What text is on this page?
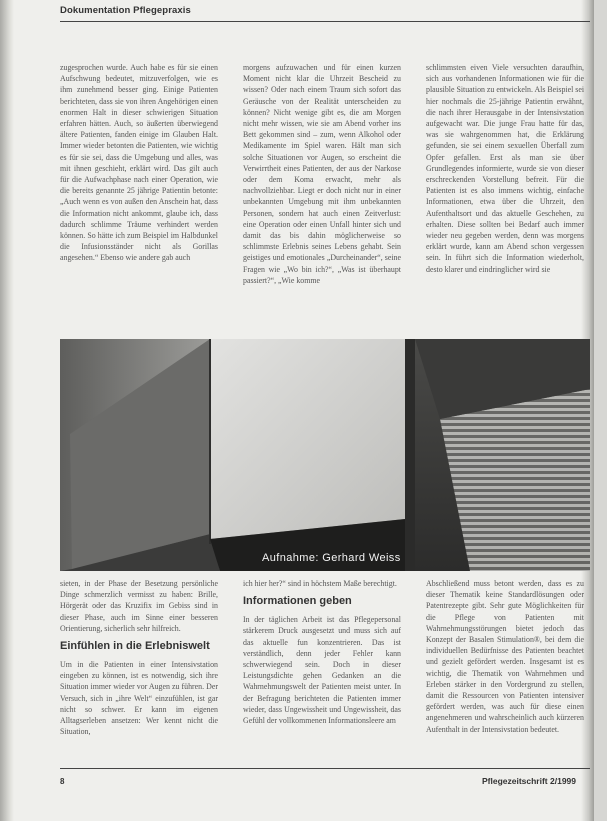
Dokumentation Pflegepraxis

zugesprochen wurde. Auch habe es für sie einen Aufschwung bedeutet, mitzuverfolgen, wie es ihm zunehmend besser ging. Einige Patienten berichteten, dass sie von ihren Angehörigen einen enormen Halt in dieser schwierigen Situation erfahren hätten. Auch, so äußerten überwiegend ältere Patienten, fanden einige im Glauben Halt. Immer wieder betonten die Patienten, wie wichtig es für sie sei, dass die Umgebung und alles, was mit ihnen geschieht, erklärt wird. Das gilt auch für die Aufwachphase nach einer Operation, wie die bereits genannte 25 jährige Patientin betonte: „Auch wenn es von außen den Anschein hat, dass die Information nicht ankommt, glaube ich, dass dadurch schlimme Träume verhindert werden können. So hätte ich zum Beispiel im Halbdunkel die Infusionsständer nicht als Gorillas angesehen.“ Ebenso wie andere gab auch

morgens aufzuwachen und für einen kurzen Moment nicht klar die Uhrzeit Bescheid zu wissen? Oder nach einem Traum sich sofort das Geräusche von der Realität unterscheiden zu können? Nicht wenige gibt es, die am Morgen nicht mehr wissen, wie sie am Abend vorher ins Bett gekommen sind – zum, wenn Alkohol oder Medikamente im Spiel waren. Hält man sich solche Situationen vor Augen, so erscheint die Verwirrtheit eines Patienten, der aus der Narkose oder dem Koma erwacht, mehr als nachvollziehbar. Liegt er doch nicht nur in einer unbekannten Umgebung mit ihm unbekannten Personen, sondern hat auch einen Zeitverlust: eine Operation oder einen Unfall hinter sich und damit das bis dahin möglicherweise so schlimmste Erlebnis seines Lebens gehabt. Sein geistiges und emotionales „Durcheinander“, seine Fragen wie „Wo bin ich?“, „Was ist überhaupt passiert?“, „Wie komme

schlimmsten eiven Viele versuchten daraufhin, sich aus vorhandenen Informationen wie für die plausible Situation zu entwickeln. Als Beispiel sei hier nochmals die 25-jährige Patientin erwähnt, die nach ihrer Herausgabe in der Intensivstation aufgewacht war. Die junge Frau hatte für das, was sie wahrgenommen hat, die Erklärung gefunden, sie sei einem sexuellen Überfall zum Opfer gefallen. Erst als man sie über Grundlegendes informierte, wurde sie von dieser erschreckenden Vorstellung befreit. Für die Patienten ist es also immens wichtig, einfache Informationen, etwa über die Uhrzeit, den Aufenthaltsort und das aktuelle Geschehen, zu erhalten. Diese sollten bei Bedarf auch immer wieder neu gegeben werden, denn was morgens erklärt wurde, kann am Abend schon vergessen sein. In führt sich die Information wiederholt, desto klarer und eindringlicher wird sie

Aufnahme: Gerhard Weiss

sieten, in der Phase der Besetzung persönliche Dinge schmerzlich vermisst zu haben: Brille, Hörgerät oder das Kruzifix im Gebiss sind in dieser Phase, auch im Sinne einer besseren Orientierung, sicherlich sehr hilfreich.

Einfühlen in die Erlebniswelt

Um in die Patienten in einer Intensivstation eingeben zu können, ist es notwendig, sich ihre Situation immer wieder vor Augen zu führen. Der Versuch, sich in „ihre Welt“ einzufühlen, ist gar nicht so schwer. Er kann im eigenen Alltagserleben ansetzen: Wer kennt nicht die Situation,

ich hier her?“ sind in höchstem Maße berechtigt.

Informationen geben

In der täglichen Arbeit ist das Pflegepersonal stärkerem Druck ausgesetzt und muss sich auf das aktuelle fun konzentrieren. Das ist verständlich, denn jeder Fehler kann schwerwiegend sein. Doch in dieser Leistungsdichte gehen Gedanken an die Wahrnehmungswelt der Patienten meist unter. In der Befragung berichteten die Patienten immer wieder, dass Ungewissheit und Ungewissheit, das Gefühl der vollkommenen Informationsleere am

Abschließend muss betont werden, dass es zu dieser Thematik keine Standardlösungen oder Patentrezepte gibt. Sehr gute Möglichkeiten für die Pflege von Patienten mit Wahrnehmungsstörungen bietet jedoch das Konzept der Basalen Stimulation®, bei dem die individuellen Bedürfnisse des Patienten beachtet und gezielt gefördert werden. Insgesamt ist es wichtig, die Thematik von Wahrnehmen und Erleben stärker in den Vordergrund zu stellen, damit die Ressourcen von Patienten intensiver gefördert werden, was auch für diese einen angenehmeren und wahrscheinlich auch kürzeren Aufenthalt in der Intensivstation bedeutet.

8	Pflegezeitschrift 2/1999
